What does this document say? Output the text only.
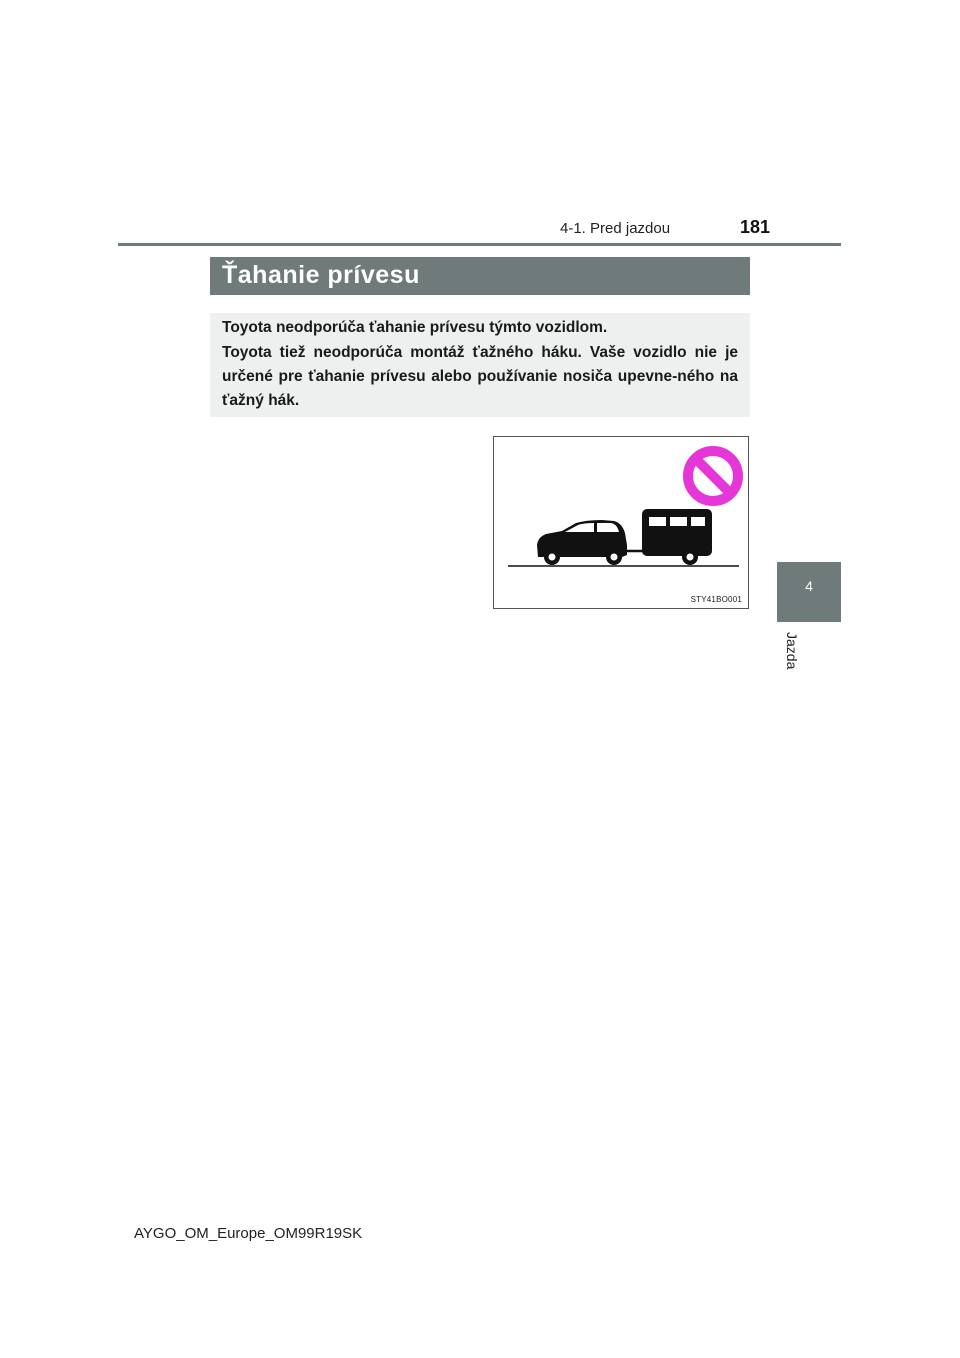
4-1. Pred jazdou	181
4
Jazda
Ťahanie prívesu

Toyota neodporúča ťahanie prívesu týmto vozidlom.

Toyota tiež neodporúča montáž ťažného háku. Vaše vozidlo nie je určené pre ťahanie prívesu alebo používanie nosiča upevne-ného na ťažný hák.

STY41BO001
AYGO_OM_Europe_OM99R19SK
